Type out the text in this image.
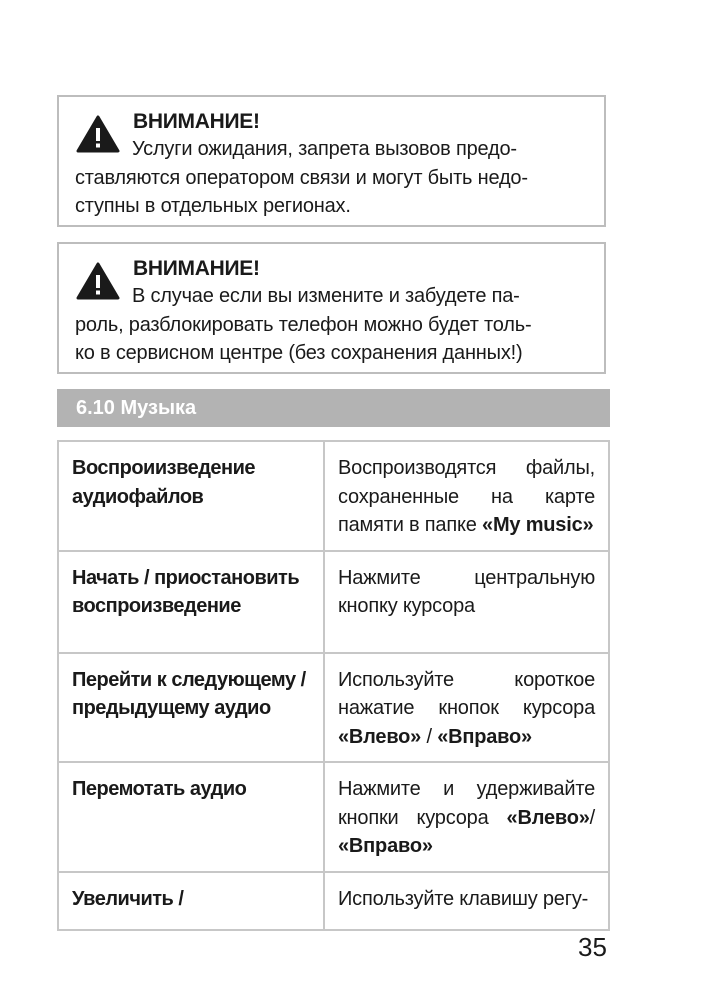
ВНИМАНИЕ!
Услуги ожидания, запрета вызовов предо-
ставляются оператором связи и могут быть недо-
ступны в отдельных регионах.
ВНИМАНИЕ!
В случае если вы измените и забудете па-
роль, разблокировать телефон можно будет толь-
ко в сервисном центре (без сохранения данных!)
6.10 Музыка
Воспроиизведение аудиофайлов	Воспроизводятся файлы, сохраненные на карте памяти в папке «My music»
Начать / приостановить воспроизведение	Нажмите центральную кнопку курсора
Перейти к следующему / предыдущему аудио	Используйте короткое нажатие кнопок курсора «Влево» / «Вправо»
Перемотать аудио	Нажмите и удерживайте кнопки курсора «Влево»/ «Вправо»
Увеличить /	Используйте клавишу регу-
35
